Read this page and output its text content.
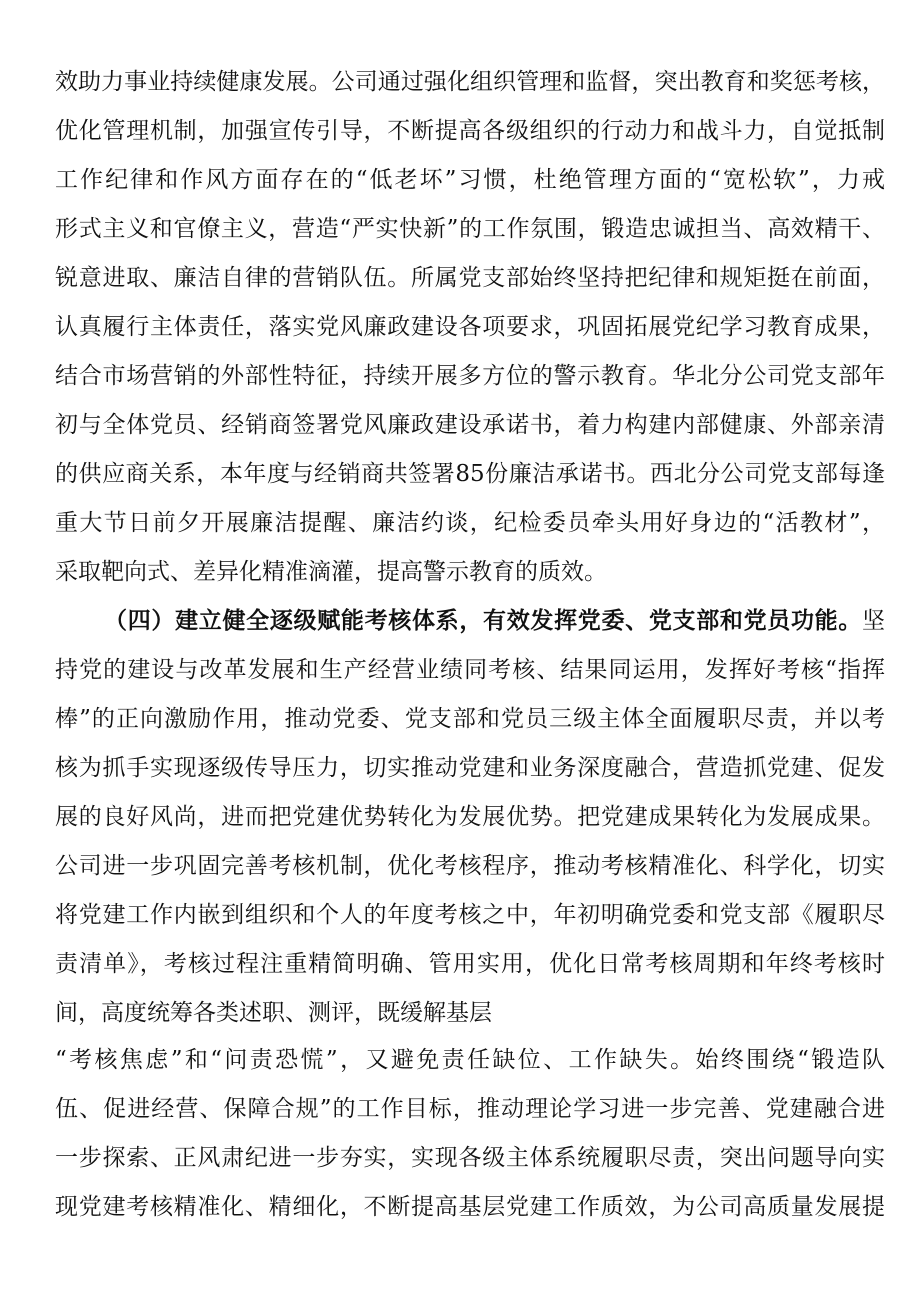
效助力事业持续健康发展。公司通过强化组织管理和监督，突出教育和奖惩考核，
优化管理机制，加强宣传引导，不断提高各级组织的行动力和战斗力，自觉抵制
工作纪律和作风方面存在的“低老坏”习惯，杜绝管理方面的“宽松软”，力戒
形式主义和官僚主义，营造“严实快新”的工作氛围，锻造忠诚担当、高效精干、
锐意进取、廉洁自律的营销队伍。所属党支部始终坚持把纪律和规矩挺在前面，
认真履行主体责任，落实党风廉政建设各项要求，巩固拓展党纪学习教育成果，
结合市场营销的外部性特征，持续开展多方位的警示教育。华北分公司党支部年
初与全体党员、经销商签署党风廉政建设承诺书，着力构建内部健康、外部亲清
的供应商关系，本年度与经销商共签署85份廉洁承诺书。西北分公司党支部每逢
重大节日前夕开展廉洁提醒、廉洁约谈，纪检委员牵头用好身边的“活教材”，
采取靶向式、差异化精准滴灌，提高警示教育的质效。
（四）建立健全逐级赋能考核体系，有效发挥党委、党支部和党员功能。坚
持党的建设与改革发展和生产经营业绩同考核、结果同运用，发挥好考核“指挥
棒”的正向激励作用，推动党委、党支部和党员三级主体全面履职尽责，并以考
核为抓手实现逐级传导压力，切实推动党建和业务深度融合，营造抓党建、促发
展的良好风尚，进而把党建优势转化为发展优势。把党建成果转化为发展成果。
公司进一步巩固完善考核机制，优化考核程序，推动考核精准化、科学化，切实
将党建工作内嵌到组织和个人的年度考核之中，年初明确党委和党支部《履职尽
责清单》，考核过程注重精简明确、管用实用，优化日常考核周期和年终考核时
间，高度统筹各类述职、测评，既缓解基层
“考核焦虑”和“问责恐慌”，又避免责任缺位、工作缺失。始终围绕“锻造队
伍、促进经营、保障合规”的工作目标，推动理论学习进一步完善、党建融合进
一步探索、正风肃纪进一步夯实，实现各级主体系统履职尽责，突出问题导向实
现党建考核精准化、精细化，不断提高基层党建工作质效，为公司高质量发展提
